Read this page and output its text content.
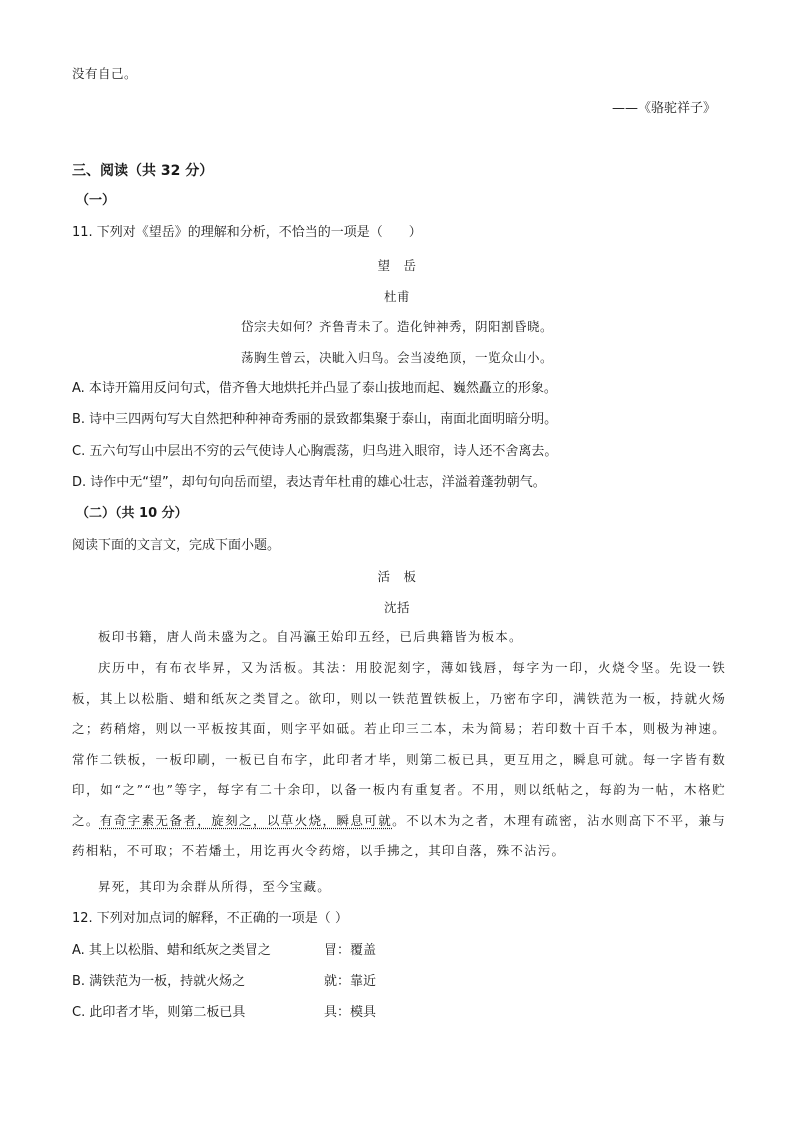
没有自己。
——《骆驼祥子》
三、阅读（共 32 分）
（一）
11. 下列对《望岳》的理解和分析，不恰当的一项是（　　）
望　岳
杜甫
岱宗夫如何？齐鲁青未了。造化钟神秀，阴阳割昏晓。
荡胸生曾云，决眦入归鸟。会当凌绝顶，一览众山小。
A. 本诗开篇用反问句式，借齐鲁大地烘托并凸显了泰山拔地而起、巍然矗立的形象。
B. 诗中三四两句写大自然把种种神奇秀丽的景致都集聚于泰山，南面北面明暗分明。
C. 五六句写山中层出不穷的云气使诗人心胸震荡，归鸟进入眼帘，诗人还不舍离去。
D. 诗作中无“望”，却句句向岳而望，表达青年杜甫的雄心壮志，洋溢着蓬勃朝气。
（二）（共 10 分）
阅读下面的文言文，完成下面小题。
活　板
沈括
板印书籍，唐人尚未盛为之。自冯瀛王始印五经，已后典籍皆为板本。
庆历中，有布衣毕昇，又为活板。其法：用胶泥刻字，薄如钱唇，每字为一印，火烧令坚。先设一铁板，其上以松脂、蜡和纸灰之类冒之。欲印，则以一铁范置铁板上，乃密布字印，满铁范为一板，持就火炀之；药稍熔，则以一平板按其面，则字平如砥。若止印三二本，未为简易；若印数十百千本，则极为神速。常作二铁板，一板印刷，一板已自布字，此印者才毕，则第二板已具，更互用之，瞬息可就。每一字皆有数印，如“之”“也”等字，每字有二十余印，以备一板内有重复者。不用，则以纸帖之，每韵为一帖，木格贮之。有奇字素无备者，旋刻之，以草火烧，瞬息可就。不以木为之者，木理有疏密，沾水则高下不平，兼与药相粘，不可取；不若燔土，用讫再火令药熔，以手拂之，其印自落，殊不沾污。
昇死，其印为余群从所得，至今宝藏。
12. 下列对加点词的解释，不正确的一项是（ ）
A. 其上以松脂、蜡和纸灰之类冒之	冒：覆盖
B. 满铁范为一板，持就火炀之	就：靠近
C. 此印者才毕，则第二板已具	具：模具
